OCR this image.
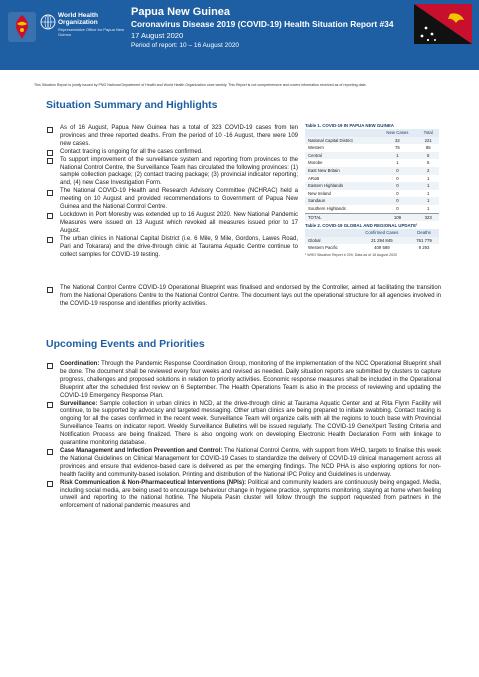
World Health Organization
Representative Office for Papua New Guinea
Papua New Guinea
Coronavirus Disease 2019 (COVID-19) Health Situation Report #34
17 August 2020
Period of report: 10 – 16 August 2020
This Situation Report is jointly issued by PNG National Department of Health and World Health Organization once weekly. This Report is not comprehensive and covers information received as of reporting date.
Situation Summary and Highlights
As of 16 August, Papua New Guinea has a total of 323 COVID-19 cases from ten provinces and three reported deaths. From the period of 10 -16 August, there were 109 new cases.
Contact tracing is ongoing for all the cases confirmed.
To support improvement of the surveillance system and reporting from provinces to the National Control Centre, the Surveillance Team has circulated the following provinces: (1) sample collection package; (2) contact tracing package; (3) provincial indicator reporting; and, (4) new Case Investigation Form.
The National COVID-19 Health and Research Advisory Committee (NCHRAC) held a meeting on 10 August and provided recommendations to Government of Papua New Guinea and the National Control Centre.
Lockdown in Port Moresby was extended up to 16 August 2020. New National Pandemic Measures were issued on 13 August which revoked all measures issued prior to 17 August.
The urban clinics in National Capital District (i.e. 6 Mile, 9 Mile, Gordons, Lawes Road, Pari and Tokarara) and the drive-through clinic at Taurama Aquatic Centre continue to collect samples for COVID-19 testing.
The National Control Centre COVID-19 Operational Blueprint was finalised and endorsed by the Controller, aimed at facilitating the transition from the National Operations Centre to the National Control Centre. The document lays out the operational structure for all agencies involved in the COVID-19 response and identifies priority activities.
Table 1. COVID-19 IN PAPUA NEW GUINEA
	New Cases	Total
National Capital District	32	221
Western	75	85
Central	1	5
Morobe	1	5
East New Britain	0	2
ARoB	0	1
Eastern Highlands	0	1
New Ireland	0	1
Sandaun	0	1
Southern Highlands	0	1
TOTAL	109	323
Table 2. COVID-19 GLOBAL AND REGIONAL UPDATE¹
	Confirmed Cases	Deaths
Global	21 294 845	761 779
Western Pacific	409 589	9 293
¹ WHO Situation Report # 209, Data as of 16 August 2020
Upcoming Events and Priorities
Coordination: Through the Pandemic Response Coordination Group, monitoring of the implementation of the NCC Operational Blueprint shall be done. The document shall be reviewed every four weeks and revised as needed. Daily situation reports are submitted by clusters to capture progress, challenges and proposed solutions in relation to priority activities. Economic response measures shall be included in the Operational Blueprint after the scheduled first review on 6 September. The Health Operations Team is also in the process of reviewing and updating the COVID-19 Emergency Response Plan.
Surveillance: Sample collection in urban clinics in NCD, at the drive-through clinic at Taurama Aquatic Center and at Rita Flynn Facility will continue, to be supported by advocacy and targeted messaging. Other urban clinics are being prepared to initiate swabbing. Contact tracing is ongoing for all the cases confirmed in the recent week. Surveillance Team will organize calls with all the regions to touch base with Provincial Surveillance Teams on indicator report. Weekly Surveillance Bulletins will be issued regularly. The COVID-19 GeneXpert Testing Criteria and Notification Process are being finalized. There is also ongoing work on developing Electronic Health Declaration Form with linkage to quarantine monitoring database.
Case Management and Infection Prevention and Control: The National Control Centre, with support from WHO, targets to finalise this week the National Guidelines on Clinical Management for COVID-19 Cases to standardize the delivery of COVID-19 clinical management across all provinces and ensure that evidence-based care is delivered as per the emerging findings. The NCD PHA is also exploring options for non-health facility and community-based isolation. Printing and distribution of the National IPC Policy and Guidelines is underway.
Risk Communication & Non-Pharmaceutical Interventions (NPIs): Political and community leaders are continuously being engaged. Media, including social media, are being used to encourage behaviour change in hygiene practice, symptoms monitoring, staying at home when feeling unwell and reporting to the national hotline. The Niupela Pasin cluster will follow through the support requested from partners in the enforcement of national pandemic measures and
